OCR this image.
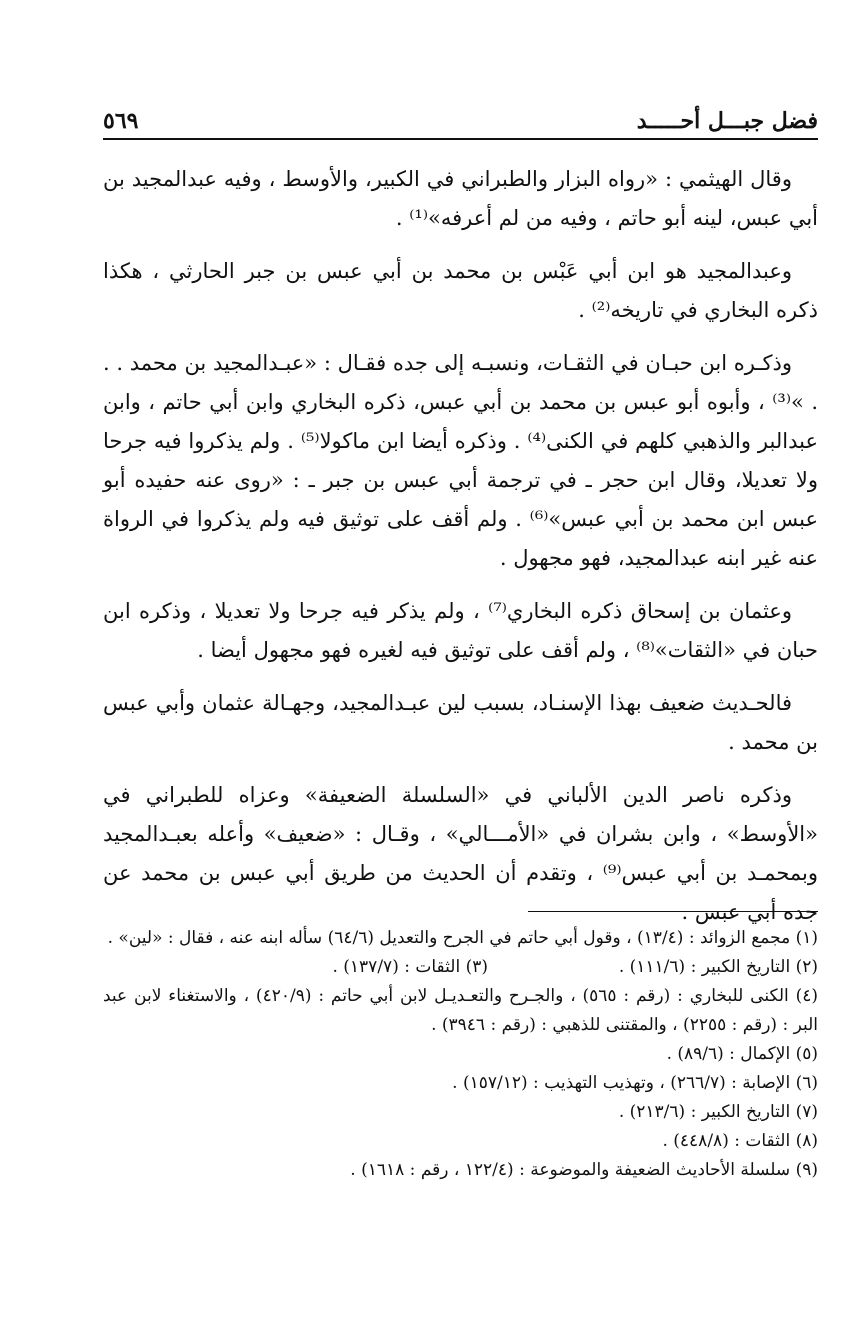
فضل جبـــل أحـــــد
٥٦٩

وقال الهيثمي : «رواه البزار والطبراني في الكبير، والأوسط ، وفيه عبدالمجيد بن أبي عبس، لينه أبو حاتم ، وفيه من لم أعرفه»⁽¹⁾ .

وعبدالمجيد هو ابن أبي عَبْس بن محمد بن أبي عبس بن جبر الحارثي ، هكذا ذكره البخاري في تاريخه⁽²⁾ .

وذكـره ابن حبـان في الثقـات، ونسبـه إلى جده فقـال : «عبـدالمجيد بن محمد . . . »⁽³⁾ ، وأبوه أبو عبس بن محمد بن أبي عبس، ذكره البخاري وابن أبي حاتم ، وابن عبدالبر والذهبي كلهم في الكنى⁽⁴⁾ . وذكره أيضا ابن ماكولا⁽⁵⁾ . ولم يذكروا فيه جرحا ولا تعديلا، وقال ابن حجر ـ في ترجمة أبي عبس بن جبر ـ : «روى عنه حفيده أبو عبس ابن محمد بن أبي عبس»⁽⁶⁾ . ولم أقف على توثيق فيه ولم يذكروا في الرواة عنه غير ابنه عبدالمجيد، فهو مجهول .

وعثمان بن إسحاق ذكره البخاري⁽⁷⁾ ، ولم يذكر فيه جرحا ولا تعديلا ، وذكره ابن حبان في «الثقات»⁽⁸⁾ ، ولم أقف على توثيق فيه لغيره فهو مجهول أيضا .

فالحـديث ضعيف بهذا الإسنـاد، بسبب لين عبـدالمجيد، وجهـالة عثمان وأبي عبس بن محمد .

وذكره ناصر الدين الألباني في «السلسلة الضعيفة» وعزاه للطبراني في «الأوسط» ، وابن بشران في «الأمـــالي» ، وقـال : «ضعيف» وأعله بعبـدالمجيد وبمحمـد بن أبي عبس⁽⁹⁾ ، وتقدم أن الحديث من طريق أبي عبس بن محمد عن جده أبي عبس .

(١) مجمع الزوائد : (١٣/٤) ، وقول أبي حاتم في الجرح والتعديل (٦٤/٦) سأله ابنه عنه ، فقال : «لين» .

(٢) التاريخ الكبير : (١١١/٦) .

(٣) الثقات : (١٣٧/٧) .

(٤) الكنى للبخاري : (رقم : ٥٦٥) ، والجـرح والتعـديـل لابن أبي حاتم : (٤٢٠/٩) ، والاستغناء لابن عبد البر : (رقم : ٢٢٥٥) ، والمقتنى للذهبي : (رقم : ٣٩٤٦) .

(٥) الإكمال : (٨٩/٦) .

(٦) الإصابة : (٢٦٦/٧) ، وتهذيب التهذيب : (١٥٧/١٢) .

(٧) التاريخ الكبير : (٢١٣/٦) .

(٨) الثقات : (٤٤٨/٨) .

(٩) سلسلة الأحاديث الضعيفة والموضوعة : (١٢٢/٤ ، رقم : ١٦١٨) .
